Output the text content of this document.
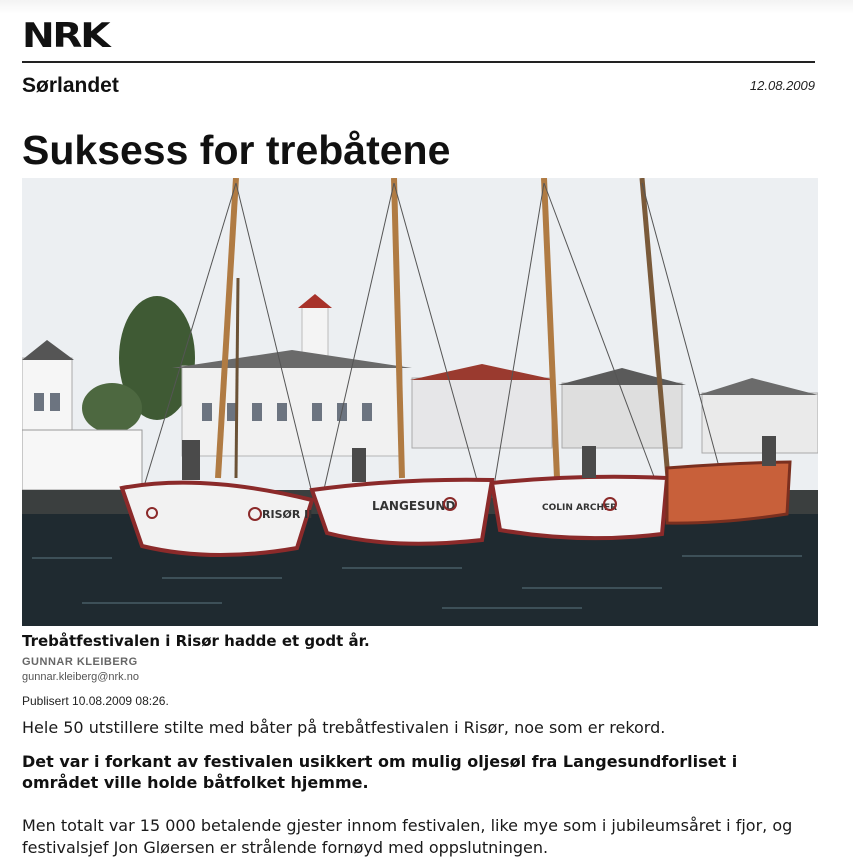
NRK
Sørlandet	12.08.2009
Suksess for trebåtene
RISØR II
LANGESUND	COLIN ARCHER
Trebåtfestivalen i Risør hadde et godt år.
GUNNAR KLEIBERG
gunnar.kleiberg@nrk.no
Publisert 10.08.2009 08:26.

Hele 50 utstillere stilte med båter på trebåtfestivalen i Risør, noe som er rekord.

Det var i forkant av festivalen usikkert om mulig oljesøl fra Langesundforliset i området ville holde båtfolket hjemme.

Men totalt var 15 000 betalende gjester innom festivalen, like mye som i jubileumsåret i fjor, og festivalsjef Jon Gløersen er strålende fornøyd med oppslutningen.
